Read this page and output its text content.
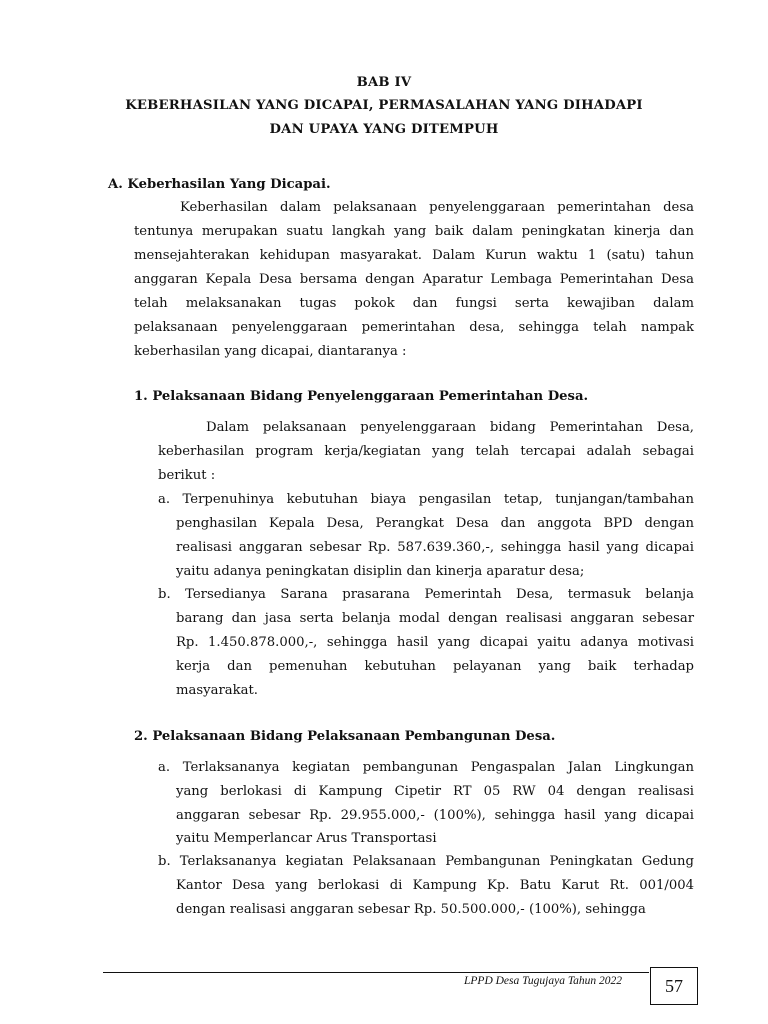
BAB IV
KEBERHASILAN YANG DICAPAI, PERMASALAHAN YANG DIHADAPI
DAN UPAYA YANG DITEMPUH
A. Keberhasilan Yang Dicapai.
Keberhasilan dalam pelaksanaan penyelenggaraan pemerintahan desa
tentunya merupakan suatu langkah yang baik dalam peningkatan kinerja dan
mensejahterakan kehidupan masyarakat. Dalam Kurun waktu 1 (satu) tahun
anggaran Kepala Desa bersama dengan Aparatur Lembaga Pemerintahan Desa
telah melaksanakan tugas pokok dan fungsi serta kewajiban dalam
pelaksanaan penyelenggaraan pemerintahan desa, sehingga telah nampak
keberhasilan yang dicapai, diantaranya :
1. Pelaksanaan Bidang Penyelenggaraan Pemerintahan Desa.
Dalam pelaksanaan penyelenggaraan bidang Pemerintahan Desa,
keberhasilan program kerja/kegiatan yang telah tercapai adalah sebagai
berikut :
a. Terpenuhinya kebutuhan biaya pengasilan tetap, tunjangan/tambahan
penghasilan Kepala Desa, Perangkat Desa dan anggota BPD dengan
realisasi anggaran sebesar Rp. 587.639.360,-, sehingga hasil yang dicapai
yaitu adanya peningkatan disiplin dan kinerja aparatur desa;
b. Tersedianya Sarana prasarana Pemerintah Desa, termasuk belanja
barang dan jasa serta belanja modal dengan realisasi anggaran sebesar
Rp. 1.450.878.000,-, sehingga hasil yang dicapai yaitu adanya motivasi
kerja dan pemenuhan kebutuhan pelayanan yang baik terhadap
masyarakat.
2. Pelaksanaan Bidang Pelaksanaan Pembangunan Desa.
a. Terlaksananya kegiatan pembangunan Pengaspalan Jalan Lingkungan
yang berlokasi di Kampung Cipetir RT 05 RW 04 dengan realisasi
anggaran sebesar Rp. 29.955.000,- (100%), sehingga hasil yang dicapai
yaitu Memperlancar Arus Transportasi
b. Terlaksananya kegiatan Pelaksanaan Pembangunan Peningkatan Gedung
Kantor Desa yang berlokasi di Kampung Kp. Batu Karut Rt. 001/004
dengan realisasi anggaran sebesar Rp. 50.500.000,- (100%), sehingga
LPPD Desa Tugujaya Tahun 2022 57
